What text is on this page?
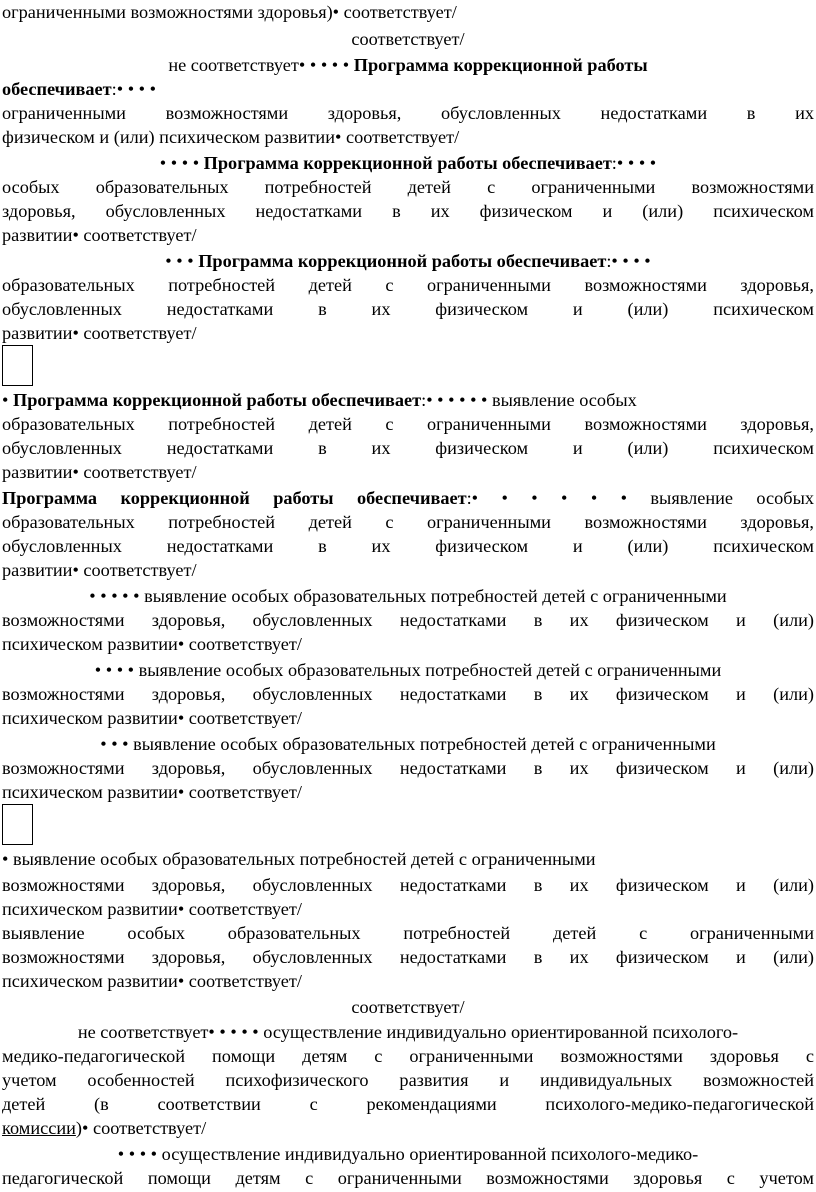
ограниченными возможностями здоровья)• соответствует/
соответствует/
не соответствует• • • • • Программа коррекционной работы
обеспечивает:• • • •
ограниченными возможностями здоровья, обусловленных недостатками в их
физическом и (или) психическом развитии• соответствует/
• • • • Программа коррекционной работы обеспечивает:• • • •
особых образовательных потребностей детей с ограниченными возможностями
здоровья, обусловленных недостатками в их физическом и (или) психическом
развитии• соответствует/
• • • Программа коррекционной работы обеспечивает:• • • •
образовательных потребностей детей с ограниченными возможностями здоровья,
обусловленных недостатками в их физическом и (или) психическом
развитии• соответствует/
• Программа коррекционной работы обеспечивает:• • • • • • выявление особых
образовательных потребностей детей с ограниченными возможностями здоровья,
обусловленных недостатками в их физическом и (или) психическом
развитии• соответствует/
Программа коррекционной работы обеспечивает:• • • • • • выявление особых
образовательных потребностей детей с ограниченными возможностями здоровья,
обусловленных недостатками в их физическом и (или) психическом
развитии• соответствует/
• • • • • выявление особых образовательных потребностей детей с ограниченными
возможностями здоровья, обусловленных недостатками в их физическом и (или)
психическом развитии• соответствует/
• • • • выявление особых образовательных потребностей детей с ограниченными
возможностями здоровья, обусловленных недостатками в их физическом и (или)
психическом развитии• соответствует/
• • • выявление особых образовательных потребностей детей с ограниченными
возможностями здоровья, обусловленных недостатками в их физическом и (или)
психическом развитии• соответствует/
• выявление особых образовательных потребностей детей с ограниченными
возможностями здоровья, обусловленных недостатками в их физическом и (или)
психическом развитии• соответствует/
выявление особых образовательных потребностей детей с ограниченными
возможностями здоровья, обусловленных недостатками в их физическом и (или)
психическом развитии• соответствует/
соответствует/
не соответствует• • • • • осуществление индивидуально ориентированной психолого-
медико-педагогической помощи детям с ограниченными возможностями здоровья с
учетом особенностей психофизического развития и индивидуальных возможностей
детей (в соответствии с рекомендациями психолого-медико-педагогической
комиссии)• соответствует/
• • • • осуществление индивидуально ориентированной психолого-медико-
педагогической помощи детям с ограниченными возможностями здоровья с учетом
